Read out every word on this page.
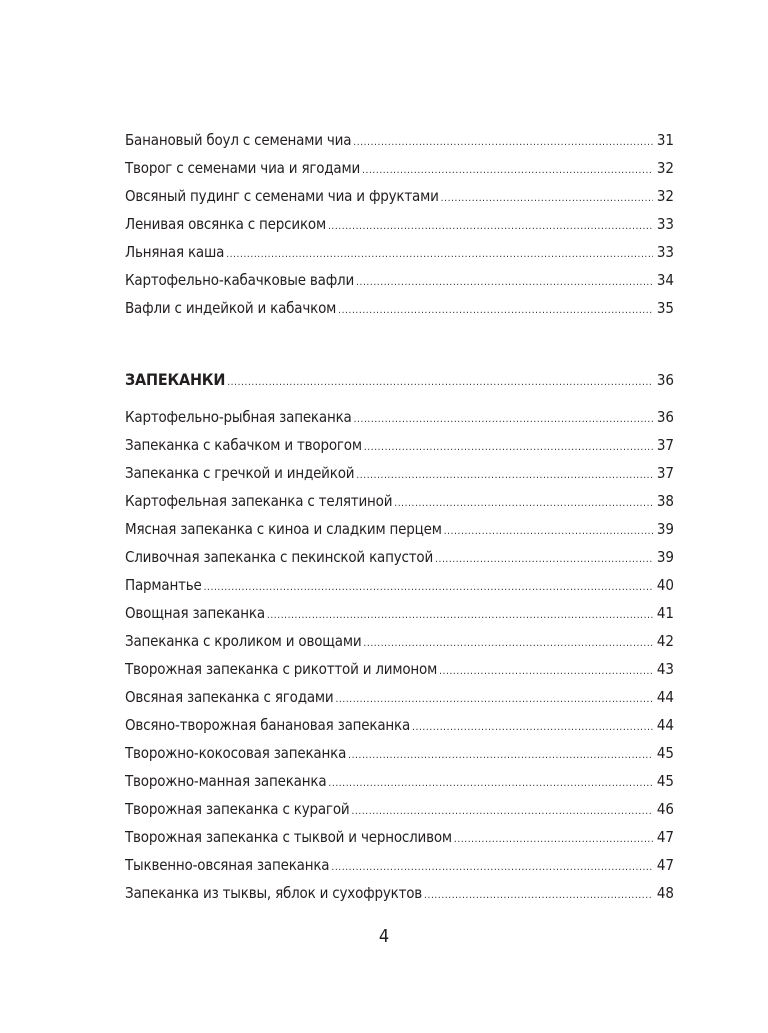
Банановый боул с семенами чиа .....	31
Творог с семенами чиа и ягодами .....	32
Овсяный пудинг с семенами чиа и фруктами .....	32
Ленивая овсянка с персиком .....	33
Льняная каша .....	33
Картофельно-кабачковые вафли .....	34
Вафли с индейкой и кабачком .....	35
ЗАПЕКАНКИ .....	36
Картофельно-рыбная запеканка .....	36
Запеканка с кабачком и творогом .....	37
Запеканка с гречкой и индейкой .....	37
Картофельная запеканка с телятиной .....	38
Мясная запеканка с киноа и сладким перцем .....	39
Сливочная запеканка с пекинской капустой .....	39
Пармантье .....	40
Овощная запеканка .....	41
Запеканка с кроликом и овощами .....	42
Творожная запеканка с рикоттой и лимоном .....	43
Овсяная запеканка с ягодами .....	44
Овсяно-творожная банановая запеканка .....	44
Творожно-кокосовая запеканка .....	45
Творожно-манная запеканка .....	45
Творожная запеканка с курагой .....	46
Творожная запеканка с тыквой и черносливом .....	47
Тыквенно-овсяная запеканка .....	47
Запеканка из тыквы, яблок и сухофруктов .....	48
4
